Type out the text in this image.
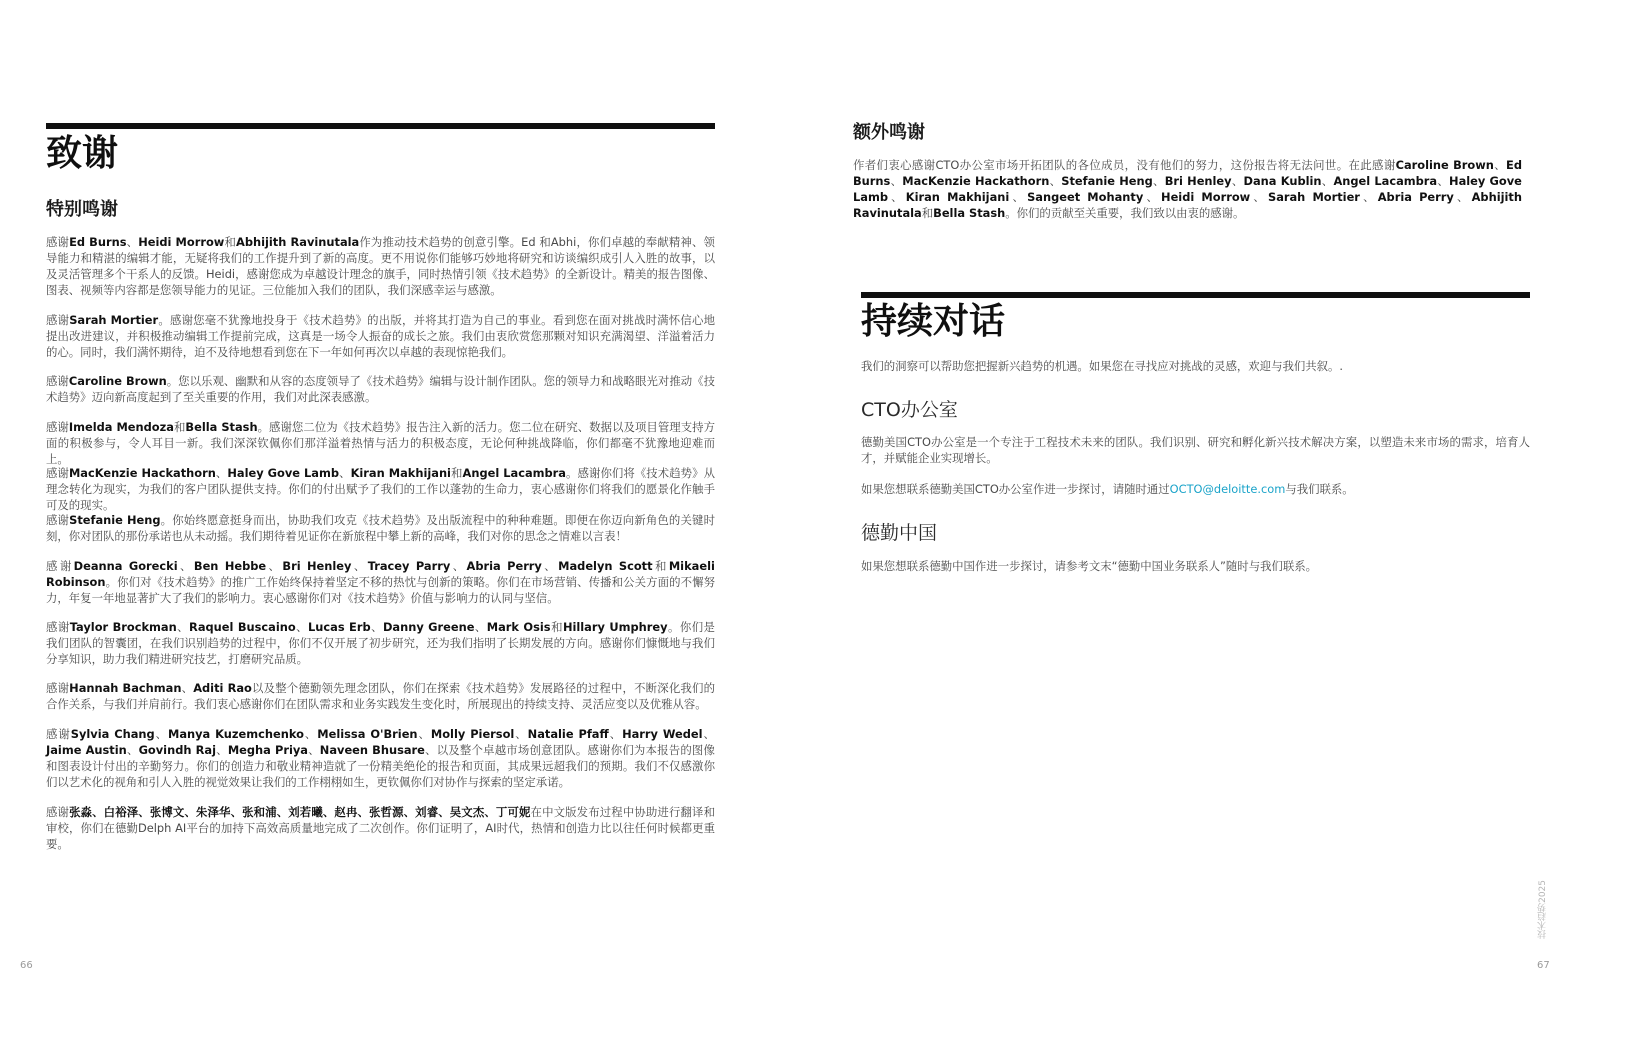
致谢
特别鸣谢

感谢Ed Burns、Heidi Morrow和Abhijith Ravinutala作为推动技术趋势的创意引擎。Ed 和Abhi，你们卓越的奉献精神、领导能力和精湛的编辑才能，无疑将我们的工作提升到了新的高度。更不用说你们能够巧妙地将研究和访谈编织成引人入胜的故事，以及灵活管理多个干系人的反馈。Heidi，感谢您成为卓越设计理念的旗手，同时热情引领《技术趋势》的全新设计。精美的报告图像、图表、视频等内容都是您领导能力的见证。三位能加入我们的团队，我们深感幸运与感激。

感谢Sarah Mortier。感谢您毫不犹豫地投身于《技术趋势》的出版，并将其打造为自己的事业。看到您在面对挑战时满怀信心地提出改进建议，并积极推动编辑工作提前完成，这真是一场令人振奋的成长之旅。我们由衷欣赏您那颗对知识充满渴望、洋溢着活力的心。同时，我们满怀期待，迫不及待地想看到您在下一年如何再次以卓越的表现惊艳我们。

感谢Caroline Brown。您以乐观、幽默和从容的态度领导了《技术趋势》编辑与设计制作团队。您的领导力和战略眼光对推动《技术趋势》迈向新高度起到了至关重要的作用，我们对此深表感激。

感谢Imelda Mendoza和Bella Stash。感谢您二位为《技术趋势》报告注入新的活力。您二位在研究、数据以及项目管理支持方面的积极参与，令人耳目一新。我们深深钦佩你们那洋溢着热情与活力的积极态度，无论何种挑战降临，你们都毫不犹豫地迎难而上。

感谢MacKenzie Hackathorn、Haley Gove Lamb、Kiran Makhijani和Angel Lacambra。感谢你们将《技术趋势》从理念转化为现实，为我们的客户团队提供支持。你们的付出赋予了我们的工作以蓬勃的生命力，衷心感谢你们将我们的愿景化作触手可及的现实。

感谢Stefanie Heng。你始终愿意挺身而出，协助我们攻克《技术趋势》及出版流程中的种种难题。即便在你迈向新角色的关键时刻，你对团队的那份承诺也从未动摇。我们期待着见证你在新旅程中攀上新的高峰，我们对你的思念之情难以言表！

感谢Deanna Gorecki、Ben Hebbe、Bri Henley、Tracey Parry、Abria Perry、Madelyn Scott和Mikaeli Robinson。你们对《技术趋势》的推广工作始终保持着坚定不移的热忱与创新的策略。你们在市场营销、传播和公关方面的不懈努力，年复一年地显著扩大了我们的影响力。衷心感谢你们对《技术趋势》价值与影响力的认同与坚信。

感谢Taylor Brockman、Raquel Buscaino、Lucas Erb、Danny Greene、Mark Osis和Hillary Umphrey。你们是我们团队的智囊团，在我们识别趋势的过程中，你们不仅开展了初步研究，还为我们指明了长期发展的方向。感谢你们慷慨地与我们分享知识，助力我们精进研究技艺，打磨研究品质。

感谢Hannah Bachman、Aditi Rao以及整个德勤领先理念团队，你们在探索《技术趋势》发展路径的过程中，不断深化我们的合作关系，与我们并肩前行。我们衷心感谢你们在团队需求和业务实践发生变化时，所展现出的持续支持、灵活应变以及优雅从容。

感谢Sylvia Chang、Manya Kuzemchenko、Melissa O'Brien、Molly Piersol、Natalie Pfaff、Harry Wedel、Jaime Austin、Govindh Raj、Megha Priya、Naveen Bhusare、以及整个卓越市场创意团队。感谢你们为本报告的图像和图表设计付出的辛勤努力。你们的创造力和敬业精神造就了一份精美绝伦的报告和页面，其成果远超我们的预期。我们不仅感激你们以艺术化的视角和引人入胜的视觉效果让我们的工作栩栩如生，更钦佩你们对协作与探索的坚定承诺。

感谢张淼、白裕泽、张博文、朱泽华、张和浦、刘若曦、赵冉、张哲源、刘睿、吴文杰、丁可妮在中文版发布过程中协助进行翻译和审校，你们在德勤Delph AI平台的加持下高效高质量地完成了二次创作。你们证明了，AI时代，热情和创造力比以往任何时候都更重要。

66
额外鸣谢

作者们衷心感谢CTO办公室市场开拓团队的各位成员，没有他们的努力，这份报告将无法问世。在此感谢Caroline Brown、Ed Burns、MacKenzie Hackathorn、Stefanie Heng、Bri Henley、Dana Kublin、Angel Lacambra、Haley Gove Lamb、Kiran Makhijani、Sangeet Mohanty、Heidi Morrow、Sarah Mortier、Abria Perry、Abhijith Ravinutala和Bella Stash。你们的贡献至关重要，我们致以由衷的感谢。

持续对话

我们的洞察可以帮助您把握新兴趋势的机遇。如果您在寻找应对挑战的灵感，欢迎与我们共叙。.

CTO办公室

德勤美国CTO办公室是一个专注于工程技术未来的团队。我们识别、研究和孵化新兴技术解决方案，以塑造未来市场的需求，培育人才，并赋能企业实现增长。

如果您想联系德勤美国CTO办公室作进一步探讨，请随时通过OCTO@deloitte.com与我们联系。

德勤中国

如果您想联系德勤中国作进一步探讨，请参考文末“德勤中国业务联系人”随时与我们联系。

技术趋势2025
67
